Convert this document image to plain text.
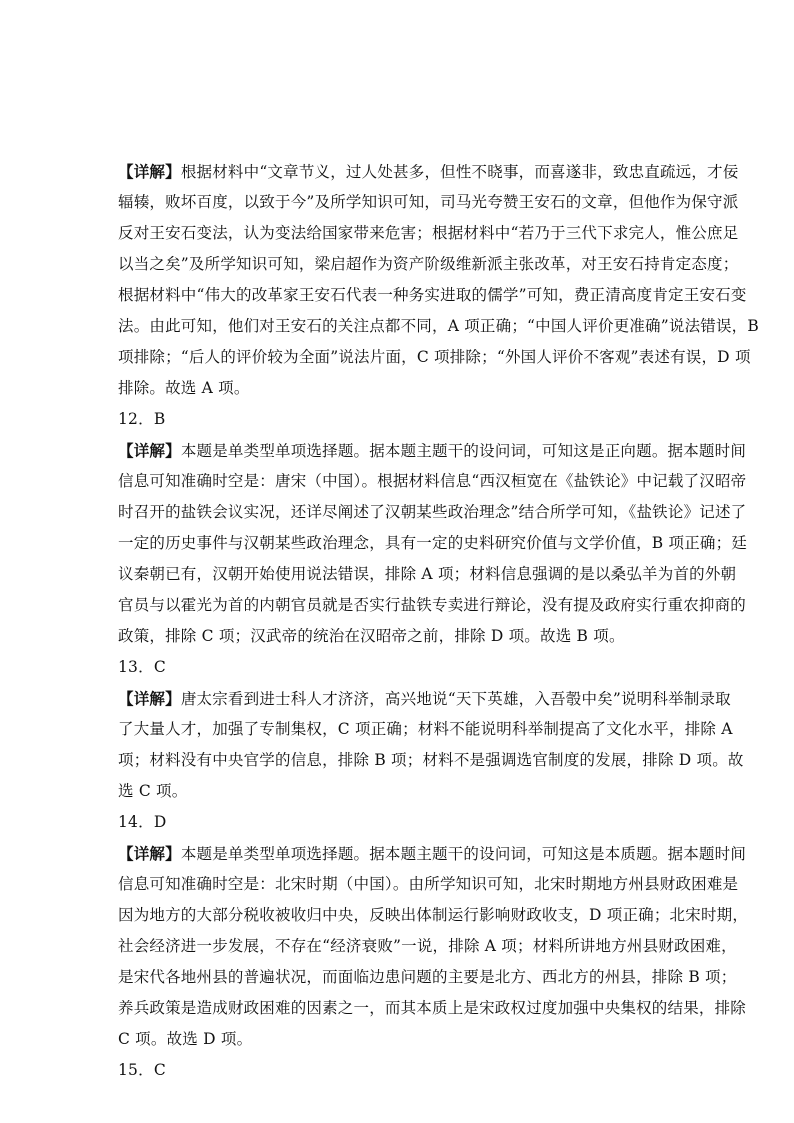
【详解】根据材料中“文章节义，过人处甚多，但性不晓事，而喜遂非，致忠直疏远，才佞
辐辏，败坏百度，以致于今”及所学知识可知，司马光夸赞王安石的文章，但他作为保守派
反对王安石变法，认为变法给国家带来危害；根据材料中“若乃于三代下求完人，惟公庶足
以当之矣”及所学知识可知，梁启超作为资产阶级维新派主张改革，对王安石持肯定态度；
根据材料中“伟大的改革家王安石代表一种务实进取的儒学”可知，费正清高度肯定王安石变
法。由此可知，他们对王安石的关注点都不同，A 项正确；“中国人评价更准确”说法错误，B
项排除；“后人的评价较为全面”说法片面，C 项排除；“外国人评价不客观”表述有误，D 项
排除。故选 A 项。
12．B
【详解】本题是单类型单项选择题。据本题主题干的设问词，可知这是正向题。据本题时间
信息可知准确时空是：唐宋（中国）。根据材料信息“西汉桓宽在《盐铁论》中记载了汉昭帝
时召开的盐铁会议实况，还详尽阐述了汉朝某些政治理念”结合所学可知，《盐铁论》记述了
一定的历史事件与汉朝某些政治理念，具有一定的史料研究价值与文学价值，B 项正确；廷
议秦朝已有，汉朝开始使用说法错误，排除 A 项；材料信息强调的是以桑弘羊为首的外朝
官员与以霍光为首的内朝官员就是否实行盐铁专卖进行辩论，没有提及政府实行重农抑商的
政策，排除 C 项；汉武帝的统治在汉昭帝之前，排除 D 项。故选 B 项。
13．C
【详解】唐太宗看到进士科人才济济，高兴地说“天下英雄，入吾彀中矣”说明科举制录取
了大量人才，加强了专制集权，C 项正确；材料不能说明科举制提高了文化水平，排除 A
项；材料没有中央官学的信息，排除 B 项；材料不是强调选官制度的发展，排除 D 项。故
选 C 项。
14．D
【详解】本题是单类型单项选择题。据本题主题干的设问词，可知这是本质题。据本题时间
信息可知准确时空是：北宋时期（中国）。由所学知识可知，北宋时期地方州县财政困难是
因为地方的大部分税收被收归中央，反映出体制运行影响财政收支，D 项正确；北宋时期，
社会经济进一步发展，不存在“经济衰败”一说，排除 A 项；材料所讲地方州县财政困难，
是宋代各地州县的普遍状况，而面临边患问题的主要是北方、西北方的州县，排除 B 项；
养兵政策是造成财政困难的因素之一，而其本质上是宋政权过度加强中央集权的结果，排除
C 项。故选 D 项。
15．C
